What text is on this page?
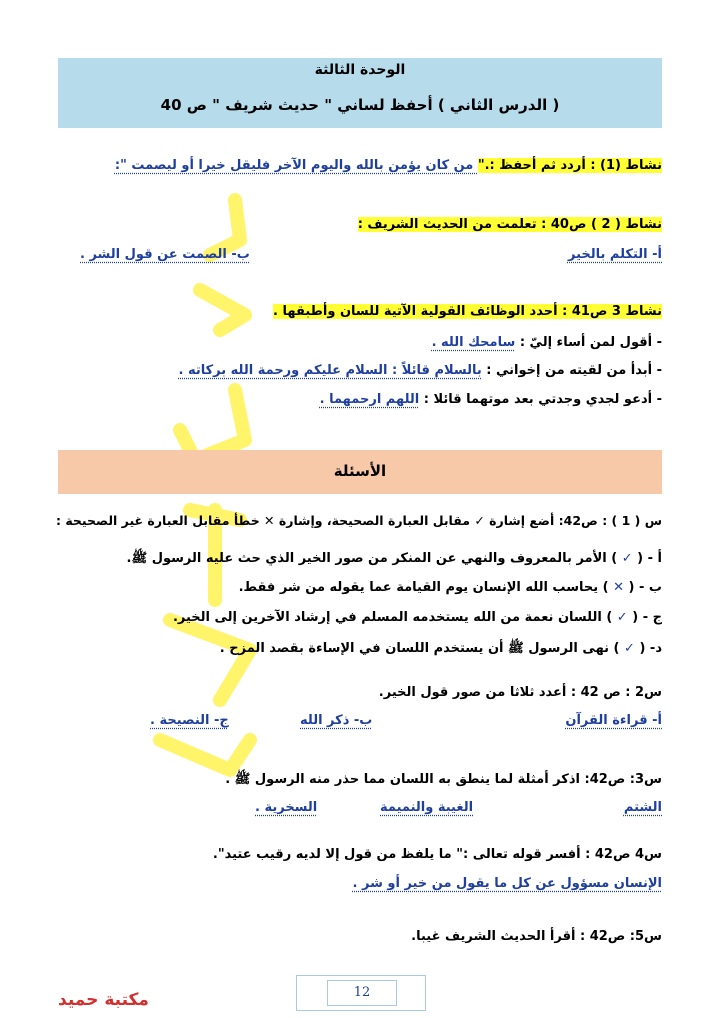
الوحدة الثالثة
( الدرس الثاني ) أحفظ لساني " حديث شريف " ص 40
نشاط (1) : أردد ثم أحفظ :." من كان يؤمن بالله واليوم الآخر فليقل خيرا أو ليصمت ":
نشاط ( 2 ) ص40 : تعلمت من الحديث الشريف :
أ- التكلم بالخير
ب- الصمت عن قول الشر .
نشاط 3 ص41 : أحدد الوظائف القولية الآتية للسان وأطبقها .
- أقول لمن أساء إليّ : سامحك الله .
- أبدأ من لقيته من إخواني : بالسلام قائلاً : السلام عليكم ورحمة الله بركاته .
- أدعو لجدي وجدتي بعد موتهما قائلا : اللهم ارحمهما .
الأسئلة
س ( 1 ) : ص42: أضع إشارة ✓ مقابل العبارة الصحيحة، وإشارة ✕ خطأ مقابل العبارة غير الصحيحة :
أ - ( ✓ ) الأمر بالمعروف والنهي عن المنكر من صور الخير الذي حث عليه الرسول ﷺ.
ب - ( ✕ ) يحاسب الله الإنسان يوم القيامة عما يقوله من شر فقط.
ج - ( ✓ ) اللسان نعمة من الله يستخدمه المسلم في إرشاد الآخرين إلى الخير.
د- ( ✓ ) نهى الرسول ﷺ أن يستخدم اللسان في الإساءة بقصد المزح .
س2 : ص 42 : أعدد ثلاثا من صور قول الخير.
أ- قراءة القرآن
ب- ذكر الله
ج- النصيحة .
س3: ص42: اذكر أمثلة لما ينطق به اللسان مما حذر منه الرسول ﷺ .
الشتم
الغيبة والنميمة
السخرية .
س4 ص42 : أفسر قوله تعالى :" ما يلفظ من قول إلا لديه رقيب عتيد".
الإنسان مسؤول عن كل ما يقول من خير أو شر .
س5: ص42 : أقرأ الحديث الشريف غيبا.
12
مكتبة حميد
